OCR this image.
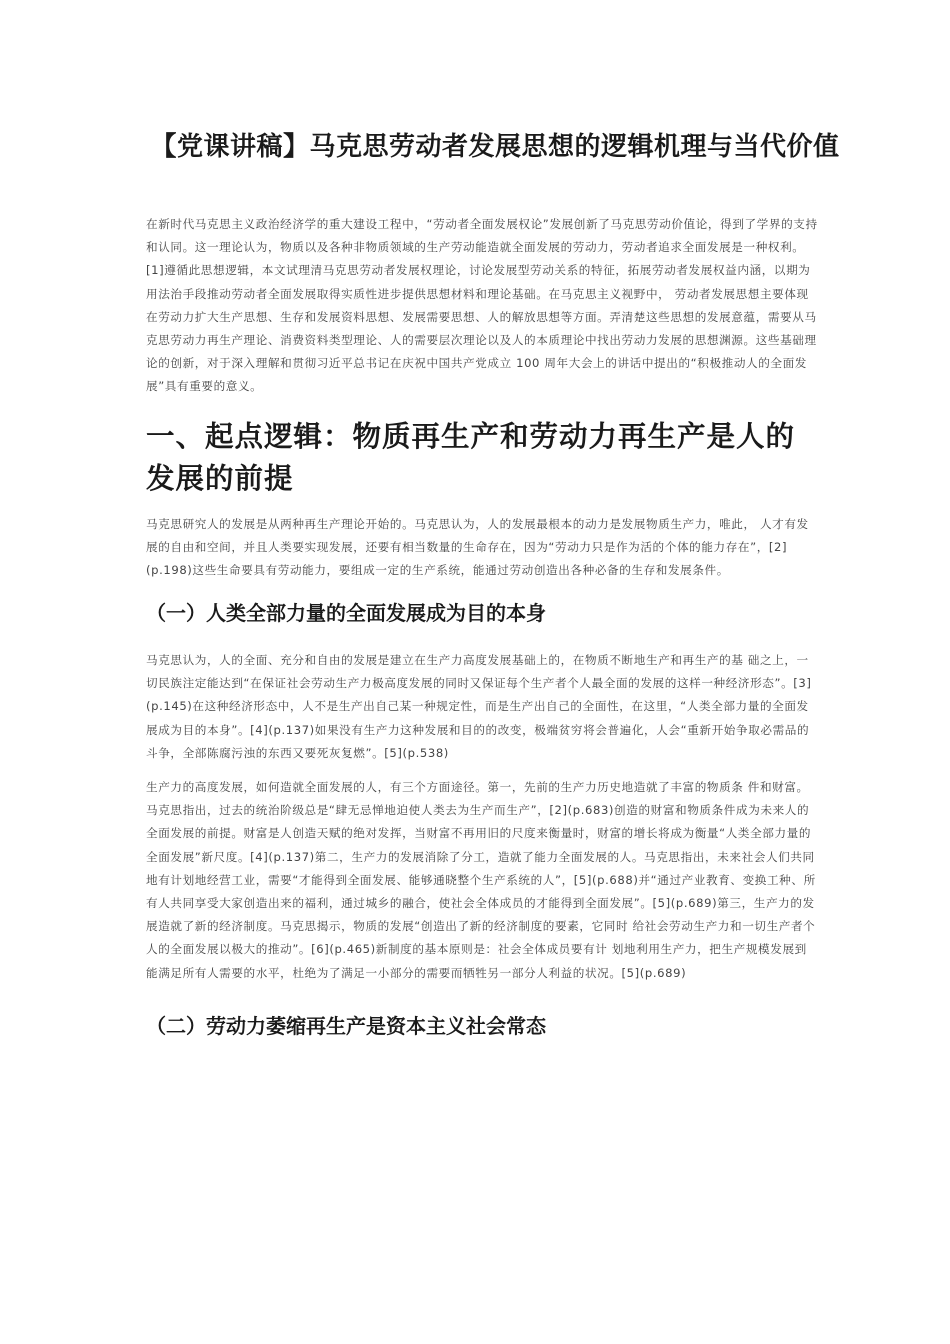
【党课讲稿】马克思劳动者发展思想的逻辑机理与当代价值

在新时代马克思主义政治经济学的重大建设工程中，“劳动者全面发展权论”发展创新了马克思劳动价值论，得到了学界的支持和认同。这一理论认为，物质以及各种非物质领域的生产劳动能造就全面发展的劳动力，劳动者追求全面发展是一种权利。[1]遵循此思想逻辑，本文试理清马克思劳动者发展权理论，讨论发展型劳动关系的特征，拓展劳动者发展权益内涵，以期为用法治手段推动劳动者全面发展取得实质性进步提供思想材料和理论基础。在马克思主义视野中， 劳动者发展思想主要体现在劳动力扩大生产思想、生存和发展资料思想、发展需要思想、人的解放思想等方面。弄清楚这些思想的发展意蕴，需要从马克思劳动力再生产理论、消费资料类型理论、人的需要层次理论以及人的本质理论中找出劳动力发展的思想渊源。这些基础理论的创新，对于深入理解和贯彻习近平总书记在庆祝中国共产党成立 100 周年大会上的讲话中提出的“积极推动人的全面发展”具有重要的意义。

一、起点逻辑：物质再生产和劳动力再生产是人的发展的前提

马克思研究人的发展是从两种再生产理论开始的。马克思认为，人的发展最根本的动力是发展物质生产力，唯此， 人才有发展的自由和空间，并且人类要实现发展，还要有相当数量的生命存在，因为“劳动力只是作为活的个体的能力存在”，[2](p.198)这些生命要具有劳动能力，要组成一定的生产系统，能通过劳动创造出各种必备的生存和发展条件。

（一）人类全部力量的全面发展成为目的本身

马克思认为，人的全面、充分和自由的发展是建立在生产力高度发展基础上的，在物质不断地生产和再生产的基 础之上，一切民族注定能达到“在保证社会劳动生产力极高度发展的同时又保证每个生产者个人最全面的发展的这样一种经济形态”。[3](p.145)在这种经济形态中，人不是生产出自己某一种规定性，而是生产出自己的全面性，在这里，“人类全部力量的全面发展成为目的本身”。[4](p.137)如果没有生产力这种发展和目的的改变，极端贫穷将会普遍化，人会“重新开始争取必需品的斗争，全部陈腐污浊的东西又要死灰复燃”。[5](p.538)

生产力的高度发展，如何造就全面发展的人，有三个方面途径。第一，先前的生产力历史地造就了丰富的物质条 件和财富。马克思指出，过去的统治阶级总是“肆无忌惮地迫使人类去为生产而生产”，[2](p.683)创造的财富和物质条件成为未来人的全面发展的前提。财富是人创造天赋的绝对发挥，当财富不再用旧的尺度来衡量时，财富的增长将成为衡量“人类全部力量的全面发展”新尺度。[4](p.137)第二，生产力的发展消除了分工，造就了能力全面发展的人。马克思指出，未来社会人们共同地有计划地经营工业，需要“才能得到全面发展、能够通晓整个生产系统的人”，[5](p.688)并“通过产业教育、变换工种、所有人共同享受大家创造出来的福利，通过城乡的融合，使社会全体成员的才能得到全面发展”。[5](p.689)第三，生产力的发展造就了新的经济制度。马克思揭示，物质的发展“创造出了新的经济制度的要素，它同时 给社会劳动生产力和一切生产者个人的全面发展以极大的推动”。[6](p.465)新制度的基本原则是：社会全体成员要有计 划地利用生产力，把生产规模发展到能满足所有人需要的水平，杜绝为了满足一小部分的需要而牺牲另一部分人利益的状况。[5](p.689)

（二）劳动力萎缩再生产是资本主义社会常态
